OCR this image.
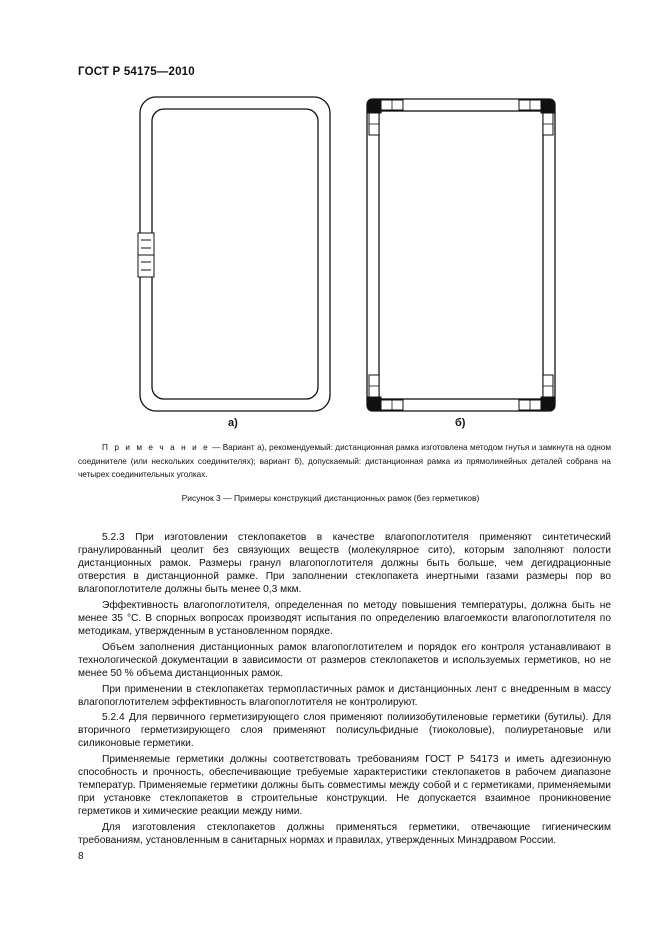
ГОСТ Р 54175—2010
а)	б)
П р и м е ч а н и е — Вариант а), рекомендуемый: дистанционная рамка изготовлена методом гнутья и замкнута на одном соединителе (или нескольких соединителях); вариант б), допускаемый: дистанционная рамка из прямолинейных деталей собрана на четырех соединительных уголках.
Рисунок 3 — Примеры конструкций дистанционных рамок (без герметиков)

5.2.3 При изготовлении стеклопакетов в качестве влагопоглотителя применяют синтетический гранулированный цеолит без связующих веществ (молекулярное сито), которым заполняют полости дистанционных рамок. Размеры гранул влагопоглотителя должны быть больше, чем дегидрационные отверстия в дистанционной рамке. При заполнении стеклопакета инертными газами размеры пор во влагопоглотителе должны быть менее 0,3 мкм.

Эффективность влагопоглотителя, определенная по методу повышения температуры, должна быть не менее 35 °С. В спорных вопросах производят испытания по определению влагоемкости влагопоглотителя по методикам, утвержденным в установленном порядке.

Объем заполнения дистанционных рамок влагопоглотителем и порядок его контроля устанавливают в технологической документации в зависимости от размеров стеклопакетов и используемых герметиков, но не менее 50 % объема дистанционных рамок.

При применении в стеклопакетах термопластичных рамок и дистанционных лент с внедренным в массу влагопоглотителем эффективность влагопоглотителя не контролируют.

5.2.4 Для первичного герметизирующего слоя применяют полиизобутиленовые герметики (бутилы). Для вторичного герметизирующего слоя применяют полисульфидные (тиоколовые), полиуретановые или силиконовые герметики.

Применяемые герметики должны соответствовать требованиям ГОСТ Р 54173 и иметь адгезионную способность и прочность, обеспечивающие требуемые характеристики стеклопакетов в рабочем диапазоне температур. Применяемые герметики должны быть совместимы между собой и с герметиками, применяемыми при установке стеклопакетов в строительные конструкции. Не допускается взаимное проникновение герметиков и химические реакции между ними.

Для изготовления стеклопакетов должны применяться герметики, отвечающие гигиеническим требованиям, установленным в санитарных нормах и правилах, утвержденных Минздравом России.

8
